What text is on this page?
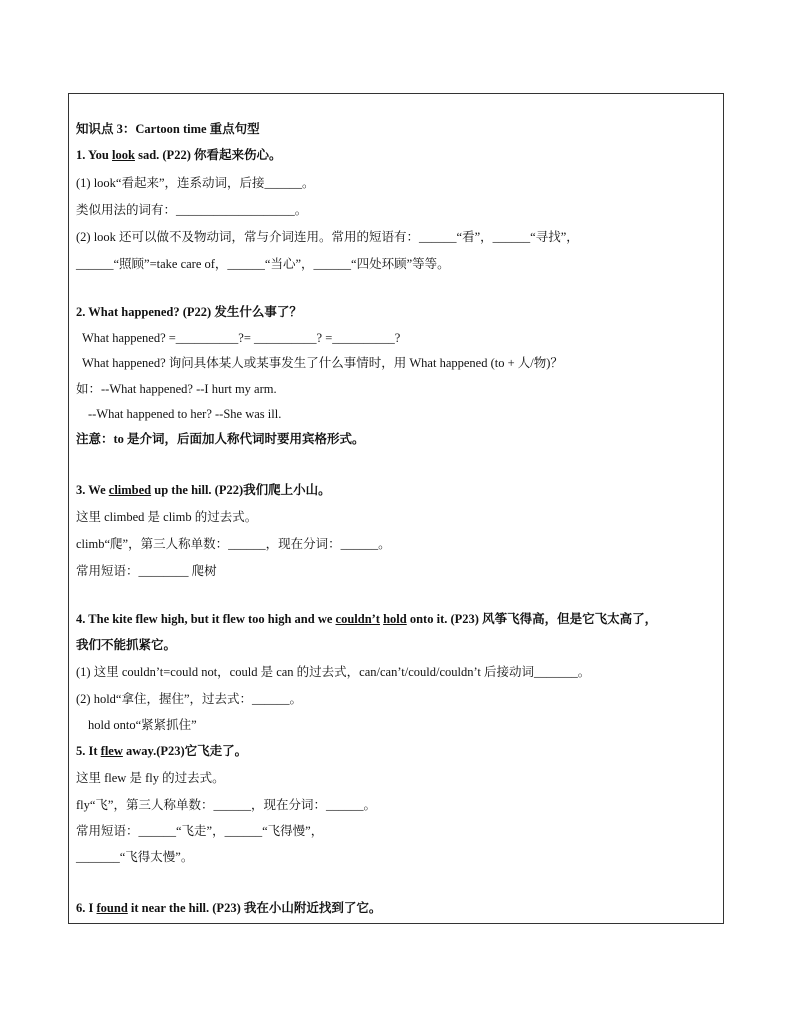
知识点 3：Cartoon time 重点句型
1. You look sad. (P22) 你看起来伤心。
(1) look“看起来”，连系动词，后接______。
类似用法的词有：___________________。
(2) look 还可以做不及物动词，常与介词连用。常用的短语有：______“看”，______“寻找”，
______“照顾”=take care of，______“当心”，______“四处环顾”等等。
2. What happened? (P22) 发生什么事了？
What happened? =__________?= __________? =__________?
What happened? 询问具体某人或某事发生了什么事情时，用 What happened (to + 人/物)？
如：--What happened? --I hurt my arm.
--What happened to her? --She was ill.
注意：to 是介词，后面加人称代词时要用宾格形式。
3. We climbed up the hill. (P22)我们爬上小山。
这里 climbed 是 climb 的过去式。
climb“爬”，第三人称单数：______，现在分词：______。
常用短语：________ 爬树
4. The kite flew high, but it flew too high and we couldn’t hold onto it. (P23) 风筝飞得高，但是它飞太高了，
我们不能抓紧它。
(1) 这里 couldn’t=could not，could 是 can 的过去式，can/can’t/could/couldn’t 后接动词_______。
(2) hold“拿住，握住”，过去式：______。
hold onto“紧紧抓住”
5. It flew away.(P23)它飞走了。
这里 flew 是 fly 的过去式。
fly“飞”，第三人称单数：______，现在分词：______。
常用短语：______“飞走”，______“飞得慢”，
_______“飞得太慢”。
6. I found it near the hill. (P23) 我在小山附近找到了它。
